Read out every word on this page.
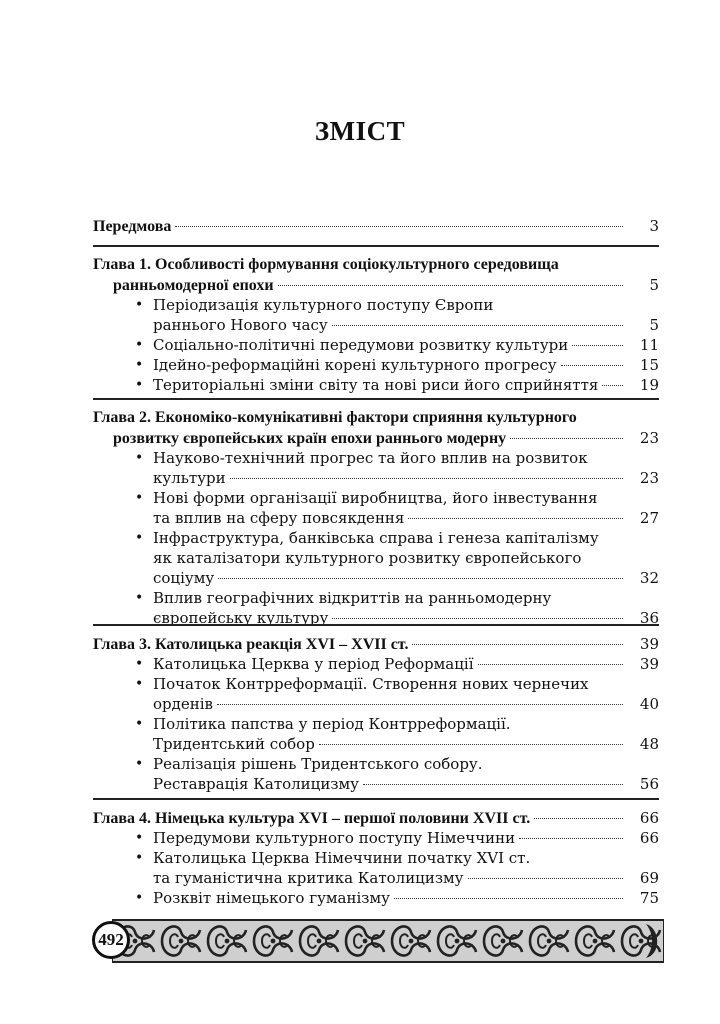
ЗМІСТ
Передмова	3
Глава 1. Особливості формування соціокультурного середовища
ранньомодерної епохи	5
• Періодизація культурного поступу Європи
раннього Нового часу	5
• Соціально-політичні передумови розвитку культури	11
• Ідейно-реформаційні корені культурного прогресу	15
• Територіальні зміни світу та нові риси його сприйняття	19
Глава 2. Економіко-комунікативні фактори сприяння культурного
розвитку європейських країн епохи раннього модерну	23
• Науково-технічний прогрес та його вплив на розвиток
культури	23
• Нові форми організації виробництва, його інвестування
та вплив на сферу повсякдення	27
• Інфраструктура, банківська справа і генеза капіталізму
як каталізатори культурного розвитку європейського
соціуму	32
• Вплив географічних відкриттів на ранньомодерну
європейську культуру	36
Глава 3. Католицька реакція XVI – XVII ст.	39
• Католицька Церква у період Реформації	39
• Початок Контрреформації. Створення нових чернечих
орденів	40
• Політика папства у період Контрреформації.
Тридентський собор	48
• Реалізація рішень Тридентського собору.
Реставрація Католицизму	56
Глава 4. Німецька культура XVI – першої половини XVII ст.	66
• Передумови культурного поступу Німеччини	66
• Католицька Церква Німеччини початку XVI ст.
та гуманістична критика Католицизму	69
• Розквіт німецького гуманізму	75
492
